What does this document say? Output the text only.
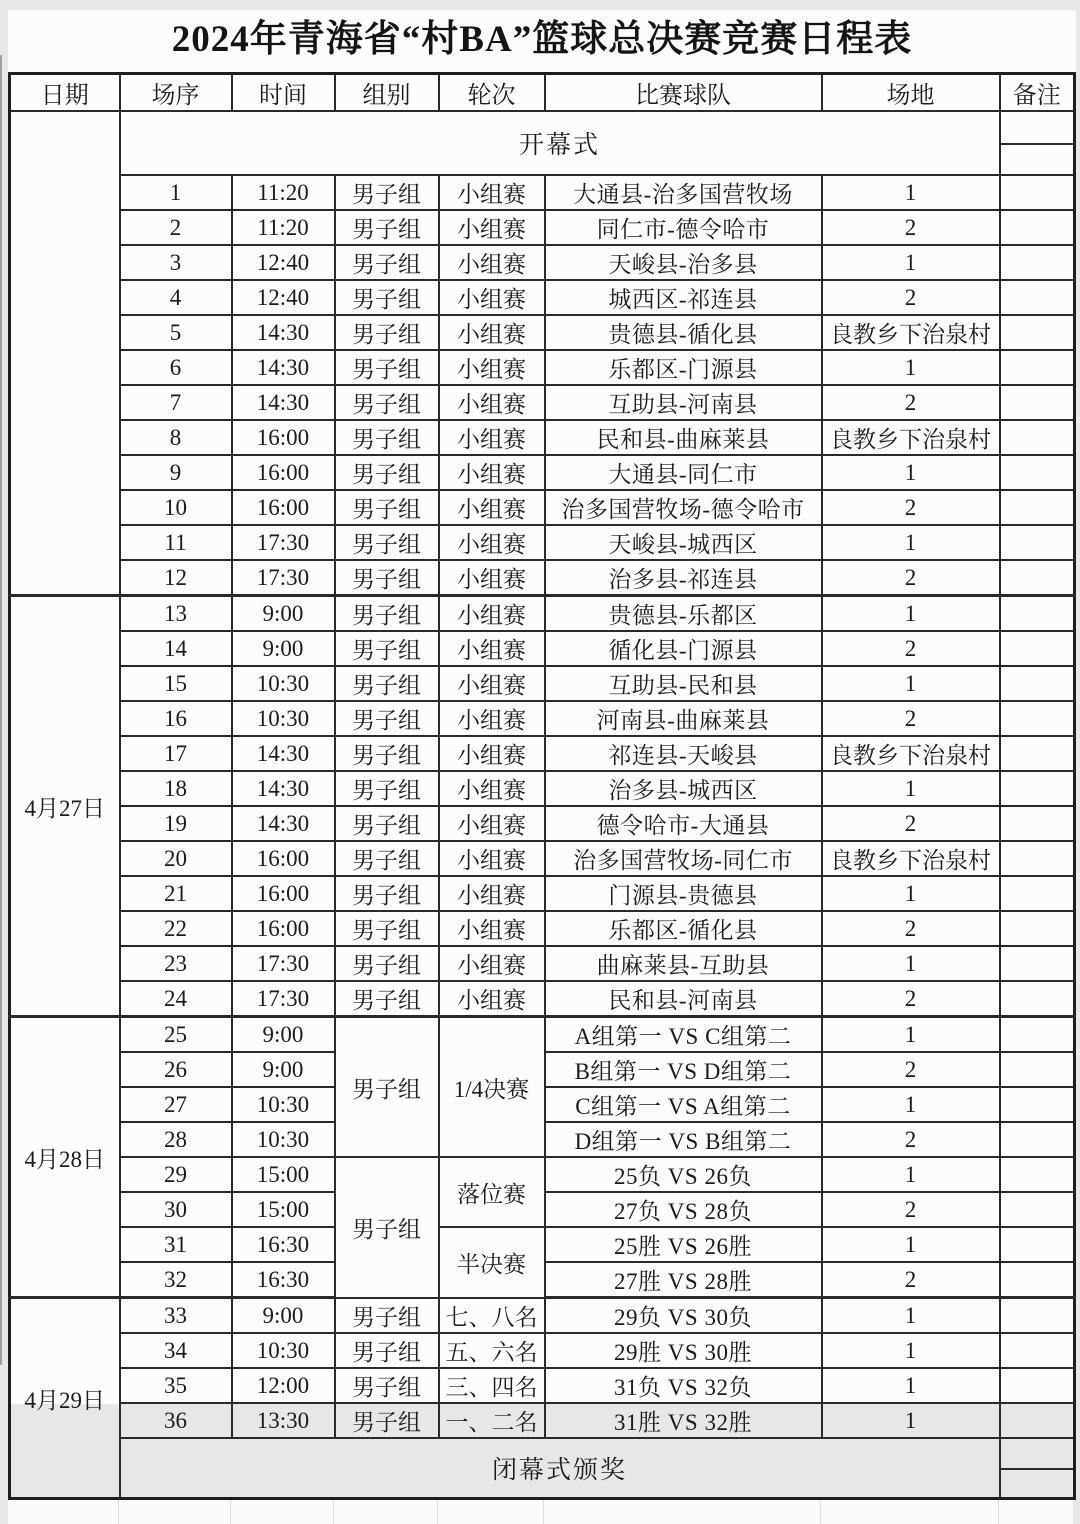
2024年青海省“村BA”篮球总决赛竞赛日程表
日期	场序	时间	组别	轮次	比赛球队	场地	备注
	开幕式						

	1	11:20	男子组	小组赛	大通县-治多国营牧场	1	
	2	11:20	男子组	小组赛	同仁市-德令哈市	2	
	3	12:40	男子组	小组赛	天峻县-治多县	1	
	4	12:40	男子组	小组赛	城西区-祁连县	2	
	5	14:30	男子组	小组赛	贵德县-循化县	良教乡下治泉村	
	6	14:30	男子组	小组赛	乐都区-门源县	1	
	7	14:30	男子组	小组赛	互助县-河南县	2	
	8	16:00	男子组	小组赛	民和县-曲麻莱县	良教乡下治泉村	
	9	16:00	男子组	小组赛	大通县-同仁市	1	
	10	16:00	男子组	小组赛	治多国营牧场-德令哈市	2	
	11	17:30	男子组	小组赛	天峻县-城西区	1	
	12	17:30	男子组	小组赛	治多县-祁连县	2	
4月27日	13	9:00	男子组	小组赛	贵德县-乐都区	1	
	14	9:00	男子组	小组赛	循化县-门源县	2	
	15	10:30	男子组	小组赛	互助县-民和县	1	
	16	10:30	男子组	小组赛	河南县-曲麻莱县	2	
	17	14:30	男子组	小组赛	祁连县-天峻县	良教乡下治泉村	
	18	14:30	男子组	小组赛	治多县-城西区	1	
	19	14:30	男子组	小组赛	德令哈市-大通县	2	
	20	16:00	男子组	小组赛	治多国营牧场-同仁市	良教乡下治泉村	
	21	16:00	男子组	小组赛	门源县-贵德县	1	
	22	16:00	男子组	小组赛	乐都区-循化县	2	
	23	17:30	男子组	小组赛	曲麻莱县-互助县	1	
	24	17:30	男子组	小组赛	民和县-河南县	2	
4月28日	25	9:00	男子组	1/4决赛	A组第一 VS C组第二	1	
	26	9:00			B组第一 VS D组第二	2	
	27	10:30			C组第一 VS A组第二	1	
	28	10:30			D组第一 VS B组第二	2	
	29	15:00	男子组	落位赛	25负 VS 26负	1	
	30	15:00			27负 VS 28负	2	
	31	16:30		半决赛	25胜 VS 26胜	1	
	32	16:30			27胜 VS 28胜	2	
4月29日	33	9:00	男子组	七、八名	29负 VS 30负	1	
	34	10:30	男子组	五、六名	29胜 VS 30胜	1	
	35	12:00	男子组	三、四名	31负 VS 32负	1	
	36	13:30	男子组	一、二名	31胜 VS 32胜	1	
	闭幕式颁奖						
